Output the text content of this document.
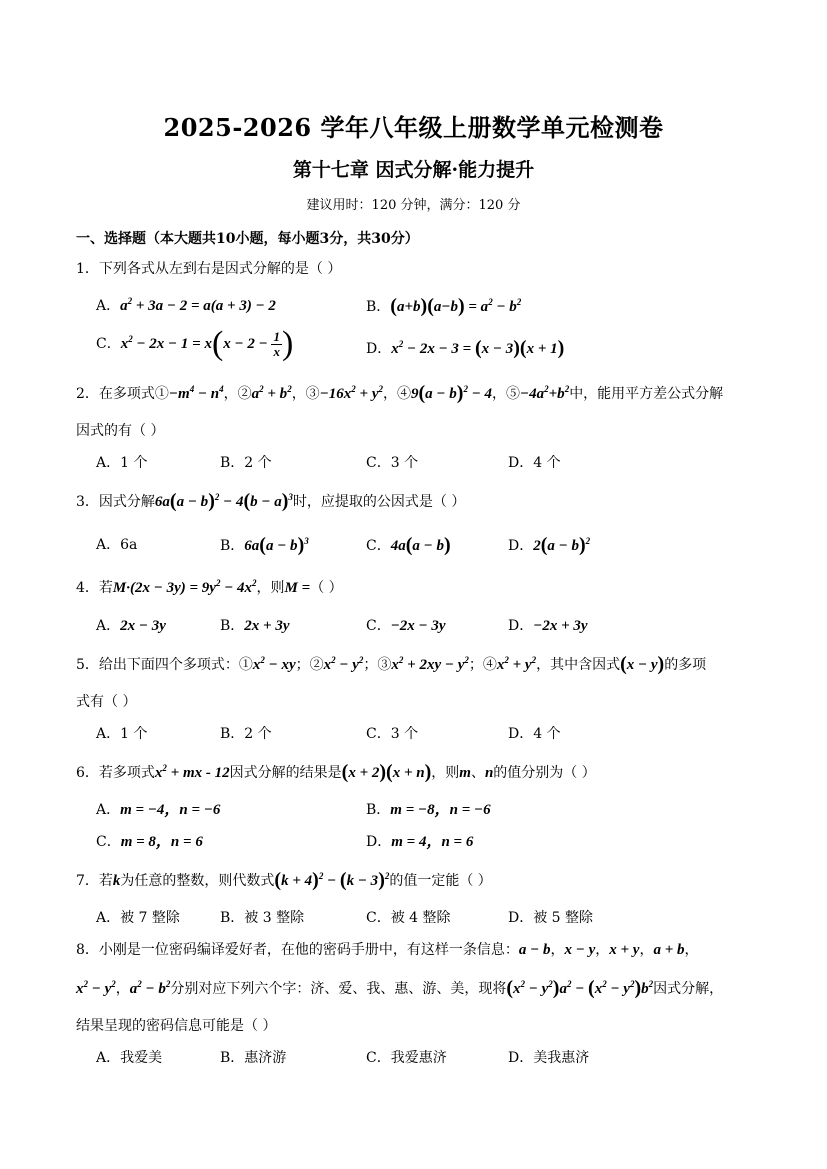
2025-2026 学年八年级上册数学单元检测卷
第十七章 因式分解·能力提升
建议用时：120 分钟，满分：120 分
一、选择题（本大题共10小题，每小题3分，共30分）
1．下列各式从左到右是因式分解的是（ ）
A．$a^2 + 3a - 2 = a(a + 3) - 2$	B．$(a+b)(a-b) = a^2 - b^2$
C．$x^2 - 2x - 1 = x(x - 2 - \frac{1}{x}$ )	D．$x^2 - 2x - 3 = (x - 3)(x + 1)$
2．在多项式$①-m^4 - n^4$，$②a^2 + b^2$，$③-16x^2 + y^2$，④9(a − b)$^2$ − 4，$⑤-4a^2+b^2$中，能用平方差公式分解
因式的有（ ）
A．1 个	B．2 个	C．3 个	D．4 个
3．因式分解$6a(a - b)^2 - 4(b - a)^3$时，应提取的公因式是（ ）
A．6a	B．$6a(a - b)^3$	C．4a(a − b)	D．$2(a - b)^2$
4．若$M\cdot(2x - 3y) = 9y^2 - 4x^2$，则M =（ ）
A．2x − 3y	B．2x + 3y	C．−2x − 3y	D．−2x + 3y
5．给出下面四个多项式：$①x^2$ − xy；$②x^2 - y^2$；$③x^2 + 2xy - y^2$；$④x^2 + y^2$，其中含因式(x − y)的多项
式有（ ）
A．1 个	B．2 个	C．3 个	D．4 个
6．若多项式$x^2$ + mx - 12因式分解的结果是(x + 2)(x + n)，则m、n的值分别为（ ）
A．m = −4，n = −6	B．m = −8，n = −6
C．m = 8，n = 6	D．m = 4，n = 6
7．若k为任意的整数，则代数式$(k + 4)^2 - (k - 3)^2$的值一定能（ ）
A．被 7 整除	B．被 3 整除	C．被 4 整除	D．被 5 整除
8．小刚是一位密码编译爱好者，在他的密码手册中，有这样一条信息：a − b，x − y，x + y，a + b，
$x^2 - y^2$，$a^2 - b^2$分别对应下列六个字：济、爱、我、惠、游、美，现将$(x^2 - y^2)a^2 - (x^2 - y^2)b^2$因式分解，
结果呈现的密码信息可能是（ ）
A．我爱美	B．惠济游	C．我爱惠济	D．美我惠济
